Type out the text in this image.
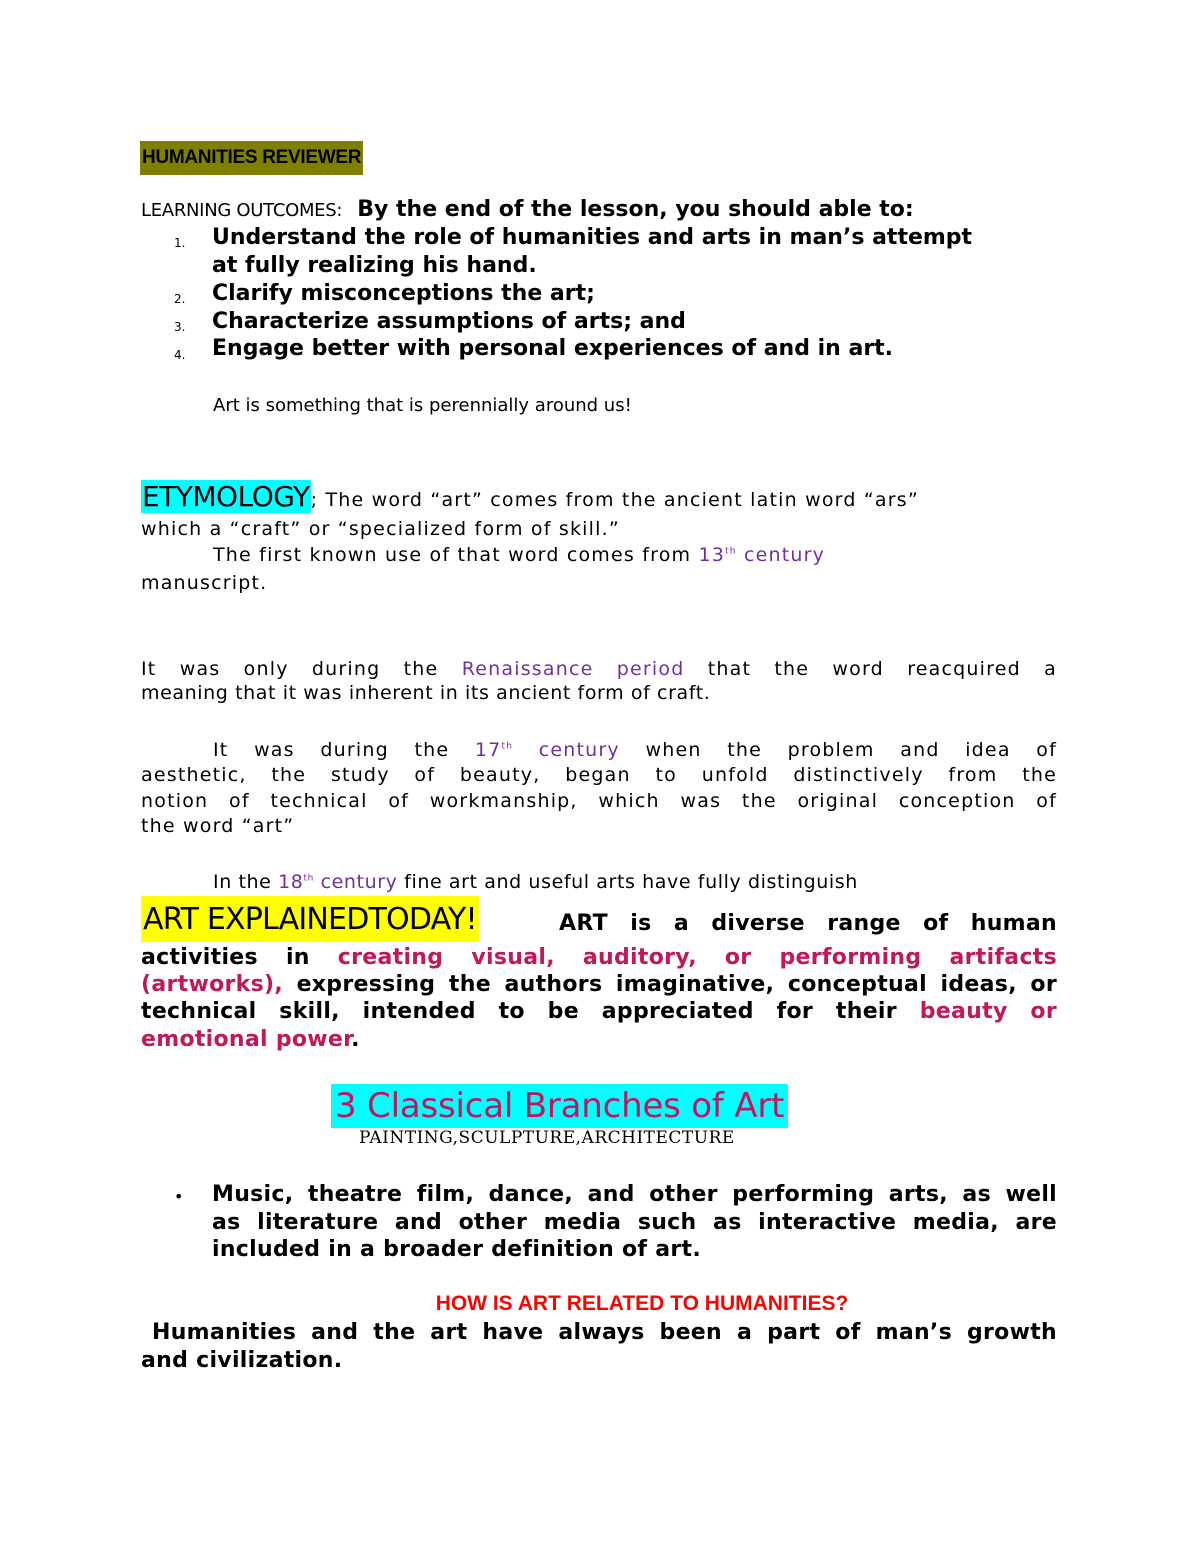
HUMANITIES REVIEWER
LEARNING OUTCOMES: By the end of the lesson, you should able to:
1. Understand the role of humanities and arts in man’s attempt
at fully realizing his hand.
2. Clarify misconceptions the art;
3. Characterize assumptions of arts; and
4. Engage better with personal experiences of and in art.
Art is something that is perennially around us!
ETYMOLOGY; The word “art” comes from the ancient latin word “ars”
which a “craft” or “specialized form of skill.”
The first known use of that word comes from 13th century
manuscript.
It was only during the Renaissance period that the word reacquired a
meaning that it was inherent in its ancient form of craft.
It was during the 17th century when the problem and idea of
aesthetic, the study of beauty, began to unfold distinctively from the
notion of technical of workmanship, which was the original conception of
the word “art”
In the 18th century fine art and useful arts have fully distinguish
ART EXPLAINEDTODAY!	ART is a diverse range of human
activities in creating visual, auditory, or performing artifacts
(artworks), expressing the authors imaginative, conceptual ideas, or
technical skill, intended to be appreciated for their beauty or
emotional power.
3 Classical Branches of Art
PAINTING,SCULPTURE,ARCHITECTURE
• Music, theatre film, dance, and other performing arts, as well
as literature and other media such as interactive media, are
included in a broader definition of art.
HOW IS ART RELATED TO HUMANITIES?
Humanities and the art have always been a part of man’s growth
and civilization.
